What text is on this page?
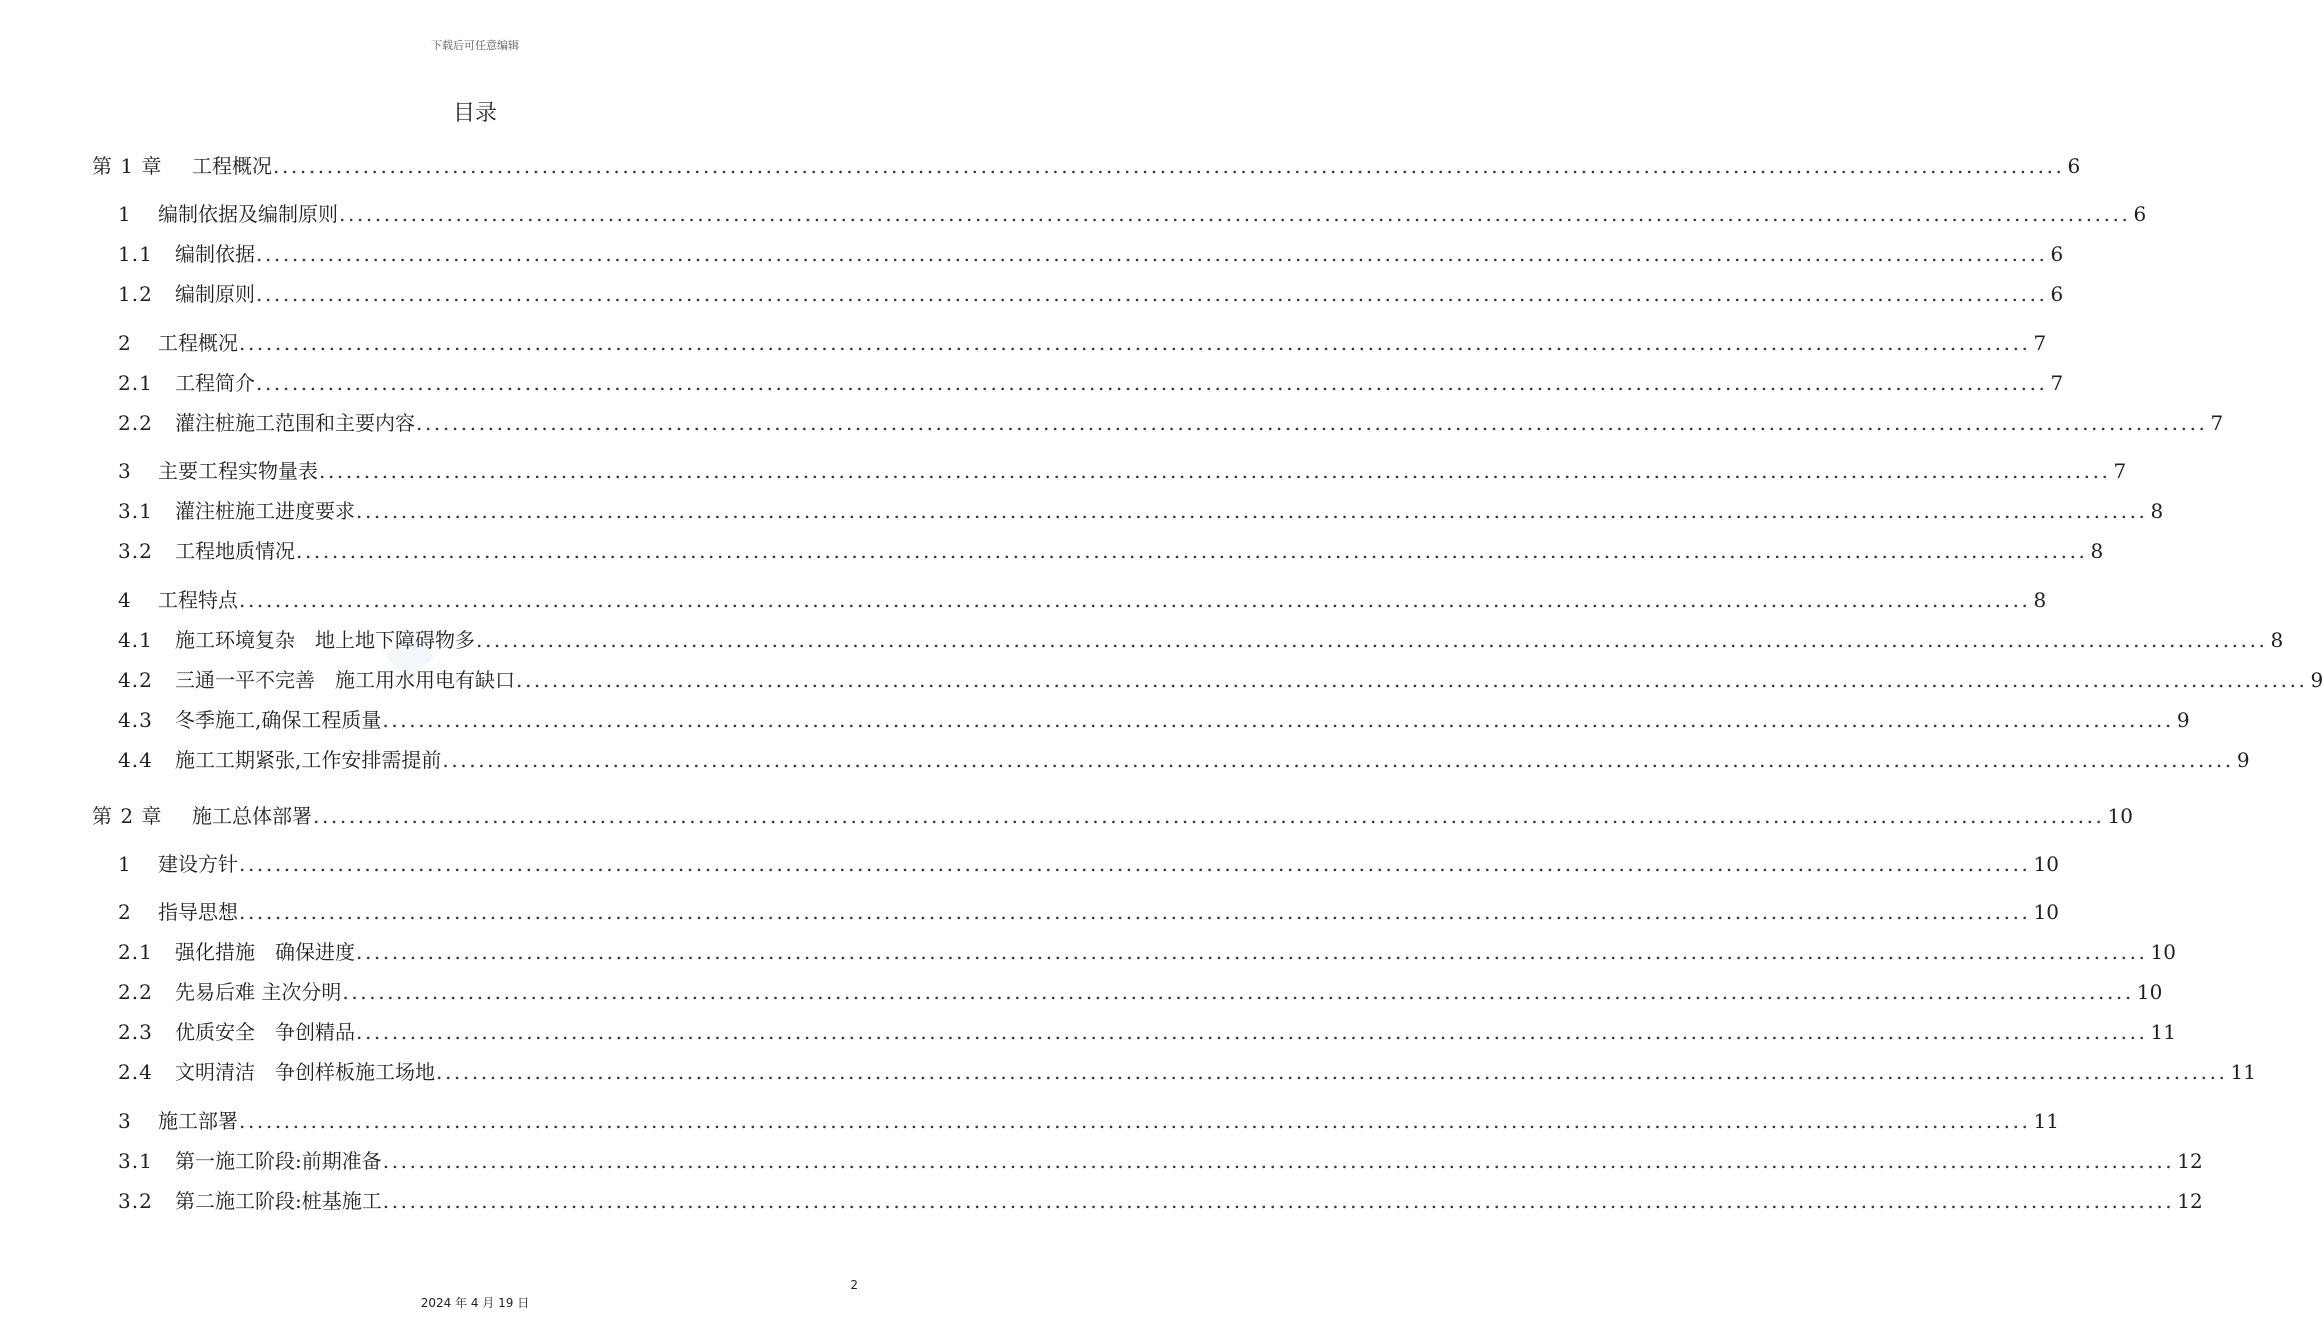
下载后可任意编辑
目录
第 1 章	工程概况 ........................................................................................................................................................................................................ 6
1	编制依据及编制原则 ........................................................................................................................................................................................................ 6
1.1	编制依据 ........................................................................................................................................................................................................ 6
1.2	编制原则 ........................................................................................................................................................................................................ 6
2	工程概况 ........................................................................................................................................................................................................ 7
2.1	工程简介 ........................................................................................................................................................................................................ 7
2.2	灌注桩施工范围和主要内容 ........................................................................................................................................................................................................ 7
3	主要工程实物量表 ........................................................................................................................................................................................................ 7
3.1	灌注桩施工进度要求 ........................................................................................................................................................................................................ 8
3.2	工程地质情况 ........................................................................................................................................................................................................ 8
4	工程特点 ........................................................................................................................................................................................................ 8
4.1	施工环境复杂　地上地下障碍物多 ........................................................................................................................................................................................................ 8
4.2	三通一平不完善　施工用水用电有缺口 ........................................................................................................................................................................................................ 9
4.3	冬季施工,确保工程质量 ........................................................................................................................................................................................................ 9
4.4	施工工期紧张,工作安排需提前 ........................................................................................................................................................................................................ 9
第 2 章	施工总体部署 ........................................................................................................................................................................................................ 10
1	建设方针 ........................................................................................................................................................................................................ 10
2	指导思想 ........................................................................................................................................................................................................ 10
2.1	强化措施　确保进度 ........................................................................................................................................................................................................ 10
2.2	先易后难 主次分明 ........................................................................................................................................................................................................ 10
2.3	优质安全　争创精品 ........................................................................................................................................................................................................ 11
2.4	文明清洁　争创样板施工场地 ........................................................................................................................................................................................................ 11
3	施工部署 ........................................................................................................................................................................................................ 11
3.1	第一施工阶段:前期准备 ........................................................................................................................................................................................................ 12
3.2	第二施工阶段:桩基施工 ........................................................................................................................................................................................................ 12
2
2024 年 4 月 19 日
